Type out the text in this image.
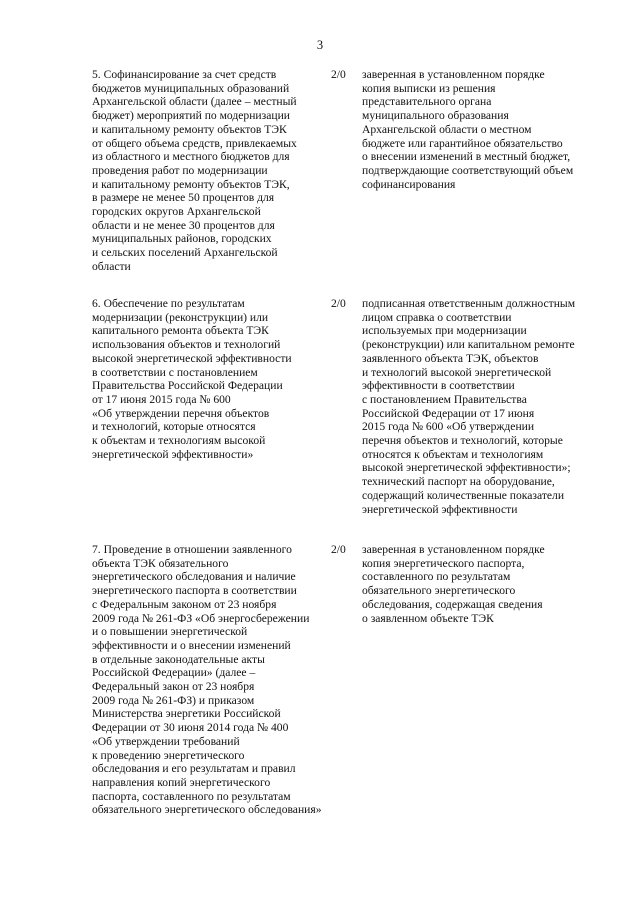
3
5. Софинансирование за счет средств
бюджетов муниципальных образований
Архангельской области (далее – местный
бюджет) мероприятий по модернизации
и капитальному ремонту объектов ТЭК
от общего объема средств, привлекаемых
из областного и местного бюджетов для
проведения работ по модернизации
и капитальному ремонту объектов ТЭК,
в размере не менее 50 процентов для
городских округов Архангельской
области и не менее 30 процентов для
муниципальных районов, городских
и сельских поселений Архангельской
области
2/0	заверенная в установленном порядке
копия выписки из решения
представительного органа
муниципального образования
Архангельской области о местном
бюджете или гарантийное обязательство
о внесении изменений в местный бюджет,
подтверждающие соответствующий объем
софинансирования
6. Обеспечение по результатам
модернизации (реконструкции) или
капитального ремонта объекта ТЭК
использования объектов и технологий
высокой энергетической эффективности
в соответствии с постановлением
Правительства Российской Федерации
от 17 июня 2015 года № 600
«Об утверждении перечня объектов
и технологий, которые относятся
к объектам и технологиям высокой
энергетической эффективности»
2/0	подписанная ответственным должностным
лицом справка о соответствии
используемых при модернизации
(реконструкции) или капитальном ремонте
заявленного объекта ТЭК, объектов
и технологий высокой энергетической
эффективности в соответствии
с постановлением Правительства
Российской Федерации от 17 июня
2015 года № 600 «Об утверждении
перечня объектов и технологий, которые
относятся к объектам и технологиям
высокой энергетической эффективности»;
технический паспорт на оборудование,
содержащий количественные показатели
энергетической эффективности
7. Проведение в отношении заявленного
объекта ТЭК обязательного
энергетического обследования и наличие
энергетического паспорта в соответствии
с Федеральным законом от 23 ноября
2009 года № 261-ФЗ «Об энергосбережении
и о повышении энергетической
эффективности и о внесении изменений
в отдельные законодательные акты
Российской Федерации» (далее –
Федеральный закон от 23 ноября
2009 года № 261-ФЗ) и приказом
Министерства энергетики Российской
Федерации от 30 июня 2014 года № 400
«Об утверждении требований
к проведению энергетического
обследования и его результатам и правил
направления копий энергетического
паспорта, составленного по результатам
обязательного энергетического обследования»
2/0	заверенная в установленном порядке
копия энергетического паспорта,
составленного по результатам
обязательного энергетического
обследования, содержащая сведения
о заявленном объекте ТЭК
